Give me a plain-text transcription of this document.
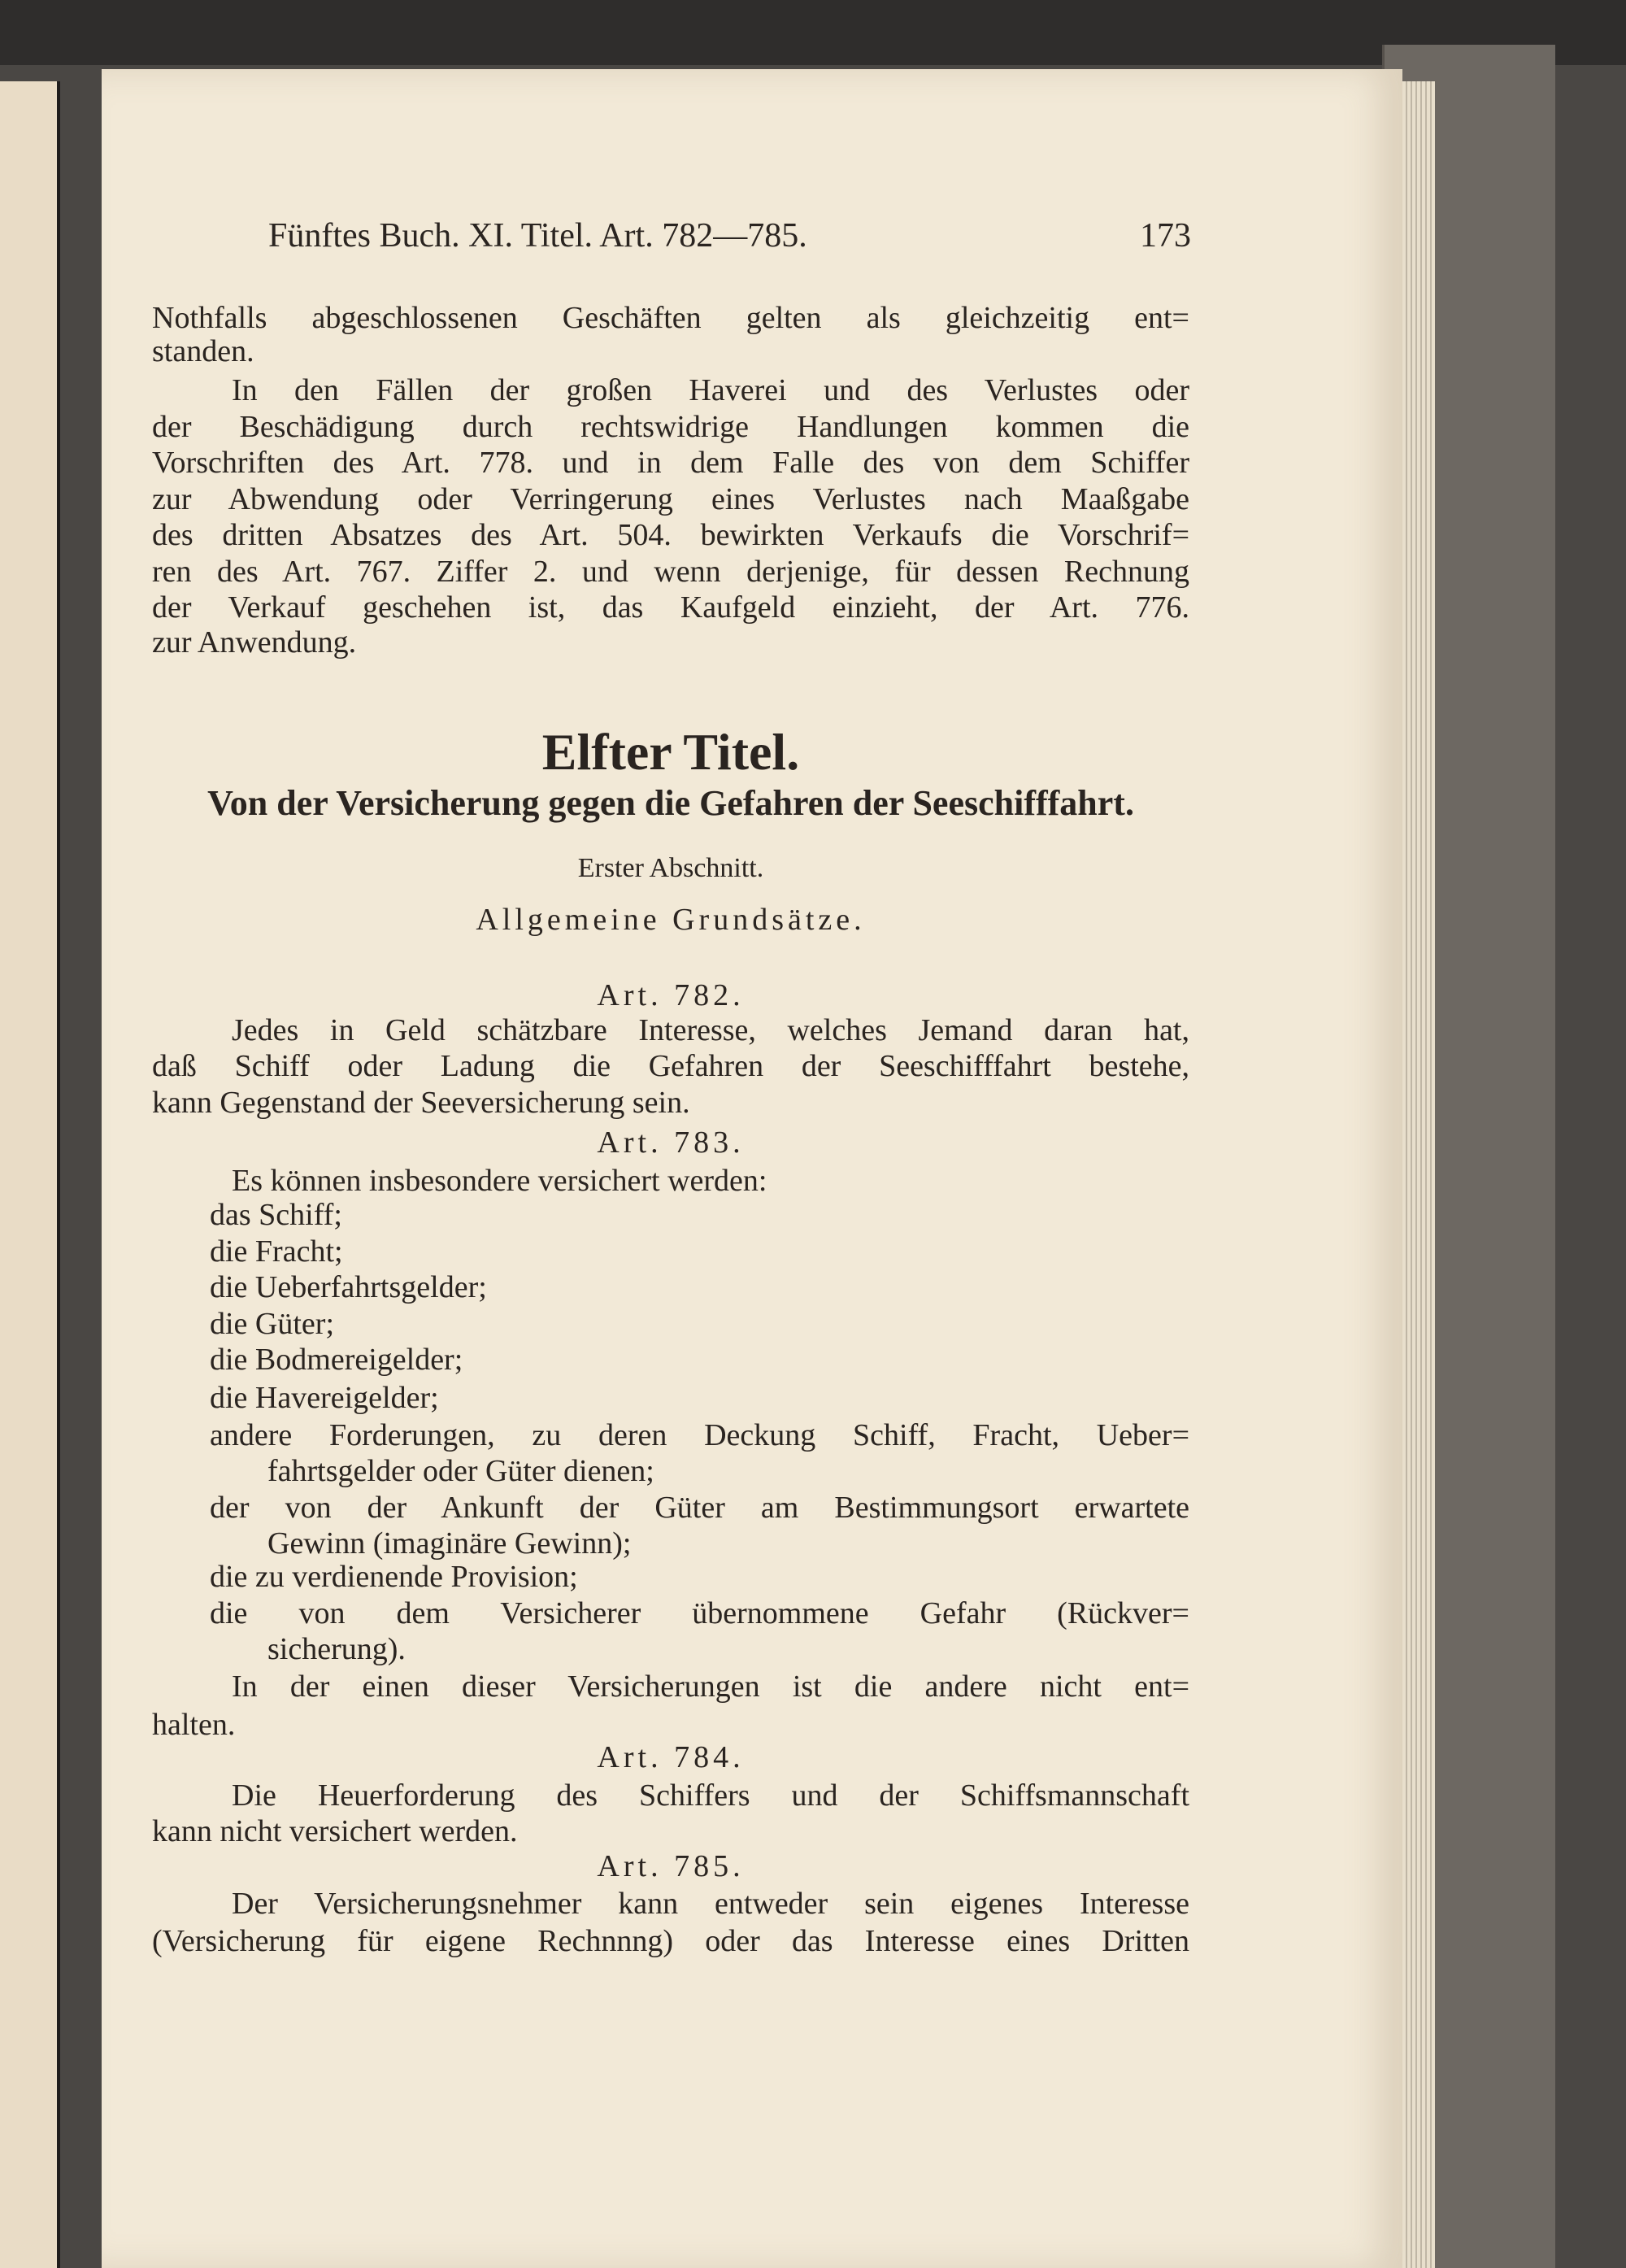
Fünftes Buch. XI. Titel. Art. 782—785.	173
Nothfalls abgeschlossenen Geschäften gelten als gleichzeitig ent=
standen.
In den Fällen der großen Haverei und des Verlustes oder
der Beschädigung durch rechtswidrige Handlungen kommen die
Vorschriften des Art. 778. und in dem Falle des von dem Schiffer
zur Abwendung oder Verringerung eines Verlustes nach Maaßgabe
des dritten Absatzes des Art. 504. bewirkten Verkaufs die Vorschrif=
ren des Art. 767. Ziffer 2. und wenn derjenige, für dessen Rechnung
der Verkauf geschehen ist, das Kaufgeld einzieht, der Art. 776.
zur Anwendung.
Elfter Titel.
Von der Versicherung gegen die Gefahren der Seeschifffahrt.
Erster Abschnitt.
Allgemeine Grundsätze.
Art. 782.
Jedes in Geld schätzbare Interesse, welches Jemand daran hat,
daß Schiff oder Ladung die Gefahren der Seeschifffahrt bestehe,
kann Gegenstand der Seeversicherung sein.
Art. 783.
Es können insbesondere versichert werden:
das Schiff;
die Fracht;
die Ueberfahrtsgelder;
die Güter;
die Bodmereigelder;
die Havereigelder;
andere Forderungen, zu deren Deckung Schiff, Fracht, Ueber=
fahrtsgelder oder Güter dienen;
der von der Ankunft der Güter am Bestimmungsort erwartete
Gewinn (imaginäre Gewinn);
die zu verdienende Provision;
die von dem Versicherer übernommene Gefahr (Rückver=
sicherung).
In der einen dieser Versicherungen ist die andere nicht ent=
halten.
Art. 784.
Die Heuerforderung des Schiffers und der Schiffsmannschaft
kann nicht versichert werden.
Art. 785.
Der Versicherungsnehmer kann entweder sein eigenes Interesse
(Versicherung für eigene Rechnnng) oder das Interesse eines Dritten
